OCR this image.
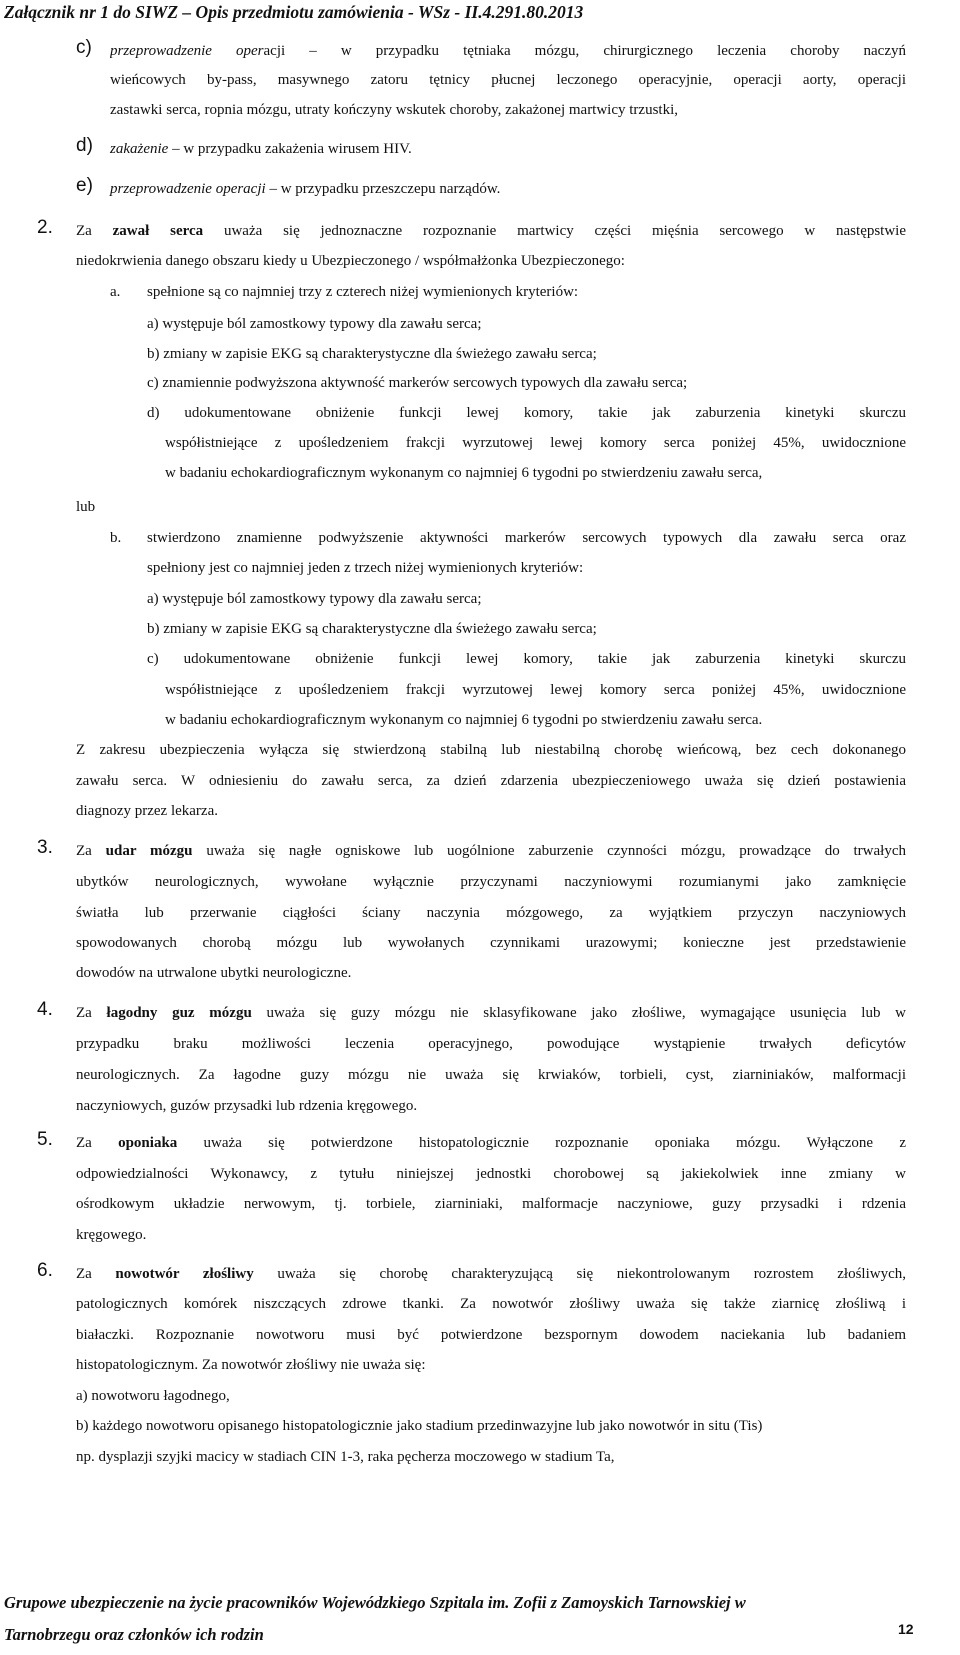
Załącznik nr 1 do SIWZ – Opis przedmiotu zamówienia - WSz - II.4.291.80.2013
c) przeprowadzenie operacji – w przypadku tętniaka mózgu, chirurgicznego leczenia choroby naczyń
wieńcowych by-pass, masywnego zatoru tętnicy płucnej leczonego operacyjnie, operacji aorty, operacji
zastawki serca, ropnia mózgu, utraty kończyny wskutek choroby, zakażonej martwicy trzustki,
d) zakażenie – w przypadku zakażenia wirusem HIV.
e) przeprowadzenie operacji – w przypadku przeszczepu narządów.
2. Za zawał serca uważa się jednoznaczne rozpoznanie martwicy części mięśnia sercowego w następstwie
niedokrwienia danego obszaru kiedy u Ubezpieczonego / współmałżonka Ubezpieczonego:
a. spełnione są co najmniej trzy z czterech niżej wymienionych kryteriów:
a) występuje ból zamostkowy typowy dla zawału serca;
b) zmiany w zapisie EKG są charakterystyczne dla świeżego zawału serca;
c) znamiennie podwyższona aktywność markerów sercowych typowych dla zawału serca;
d) udokumentowane obniżenie funkcji lewej komory, takie jak zaburzenia kinetyki skurczu
współistniejące z upośledzeniem frakcji wyrzutowej lewej komory serca poniżej 45%, uwidocznione
w badaniu echokardiograficznym wykonanym co najmniej 6 tygodni po stwierdzeniu zawału serca,
lub
b. stwierdzono znamienne podwyższenie aktywności markerów sercowych typowych dla zawału serca oraz
spełniony jest co najmniej jeden z trzech niżej wymienionych kryteriów:
a) występuje ból zamostkowy typowy dla zawału serca;
b) zmiany w zapisie EKG są charakterystyczne dla świeżego zawału serca;
c) udokumentowane obniżenie funkcji lewej komory, takie jak zaburzenia kinetyki skurczu
współistniejące z upośledzeniem frakcji wyrzutowej lewej komory serca poniżej 45%, uwidocznione
w badaniu echokardiograficznym wykonanym co najmniej 6 tygodni po stwierdzeniu zawału serca.
Z zakresu ubezpieczenia wyłącza się stwierdzoną stabilną lub niestabilną chorobę wieńcową, bez cech dokonanego
zawału serca. W odniesieniu do zawału serca, za dzień zdarzenia ubezpieczeniowego uważa się dzień postawienia
diagnozy przez lekarza.
3. Za udar mózgu uważa się nagłe ogniskowe lub uogólnione zaburzenie czynności mózgu, prowadzące do trwałych
ubytków neurologicznych, wywołane wyłącznie przyczynami naczyniowymi rozumianymi jako zamknięcie
światła lub przerwanie ciągłości ściany naczynia mózgowego, za wyjątkiem przyczyn naczyniowych
spowodowanych chorobą mózgu lub wywołanych czynnikami urazowymi; konieczne jest przedstawienie
dowodów na utrwalone ubytki neurologiczne.
4. Za łagodny guz mózgu uważa się guzy mózgu nie sklasyfikowane jako złośliwe, wymagające usunięcia lub w
przypadku braku możliwości leczenia operacyjnego, powodujące wystąpienie trwałych deficytów
neurologicznych. Za łagodne guzy mózgu nie uważa się krwiaków, torbieli, cyst, ziarniniaków, malformacji
naczyniowych, guzów przysadki lub rdzenia kręgowego.
5. Za oponiaka uważa się potwierdzone histopatologicznie rozpoznanie oponiaka mózgu. Wyłączone z
odpowiedzialności Wykonawcy, z tytułu niniejszej jednostki chorobowej są jakiekolwiek inne zmiany w
ośrodkowym układzie nerwowym, tj. torbiele, ziarniniaki, malformacje naczyniowe, guzy przysadki i rdzenia
kręgowego.
6. Za nowotwór złośliwy uważa się chorobę charakteryzującą się niekontrolowanym rozrostem złośliwych,
patologicznych komórek niszczących zdrowe tkanki. Za nowotwór złośliwy uważa się także ziarnicę złośliwą i
białaczki. Rozpoznanie nowotworu musi być potwierdzone bezspornym dowodem naciekania lub badaniem
histopatologicznym. Za nowotwór złośliwy nie uważa się:
a) nowotworu łagodnego,
b) każdego nowotworu opisanego histopatologicznie jako stadium przedinwazyjne lub jako nowotwór in situ (Tis)
np. dysplazji szyjki macicy w stadiach CIN 1-3, raka pęcherza moczowego w stadium Ta,
Grupowe ubezpieczenie na życie pracowników Wojewódzkiego Szpitala im. Zofii z Zamoyskich Tarnowskiej w
Tarnobrzegu oraz członków ich rodzin	12
